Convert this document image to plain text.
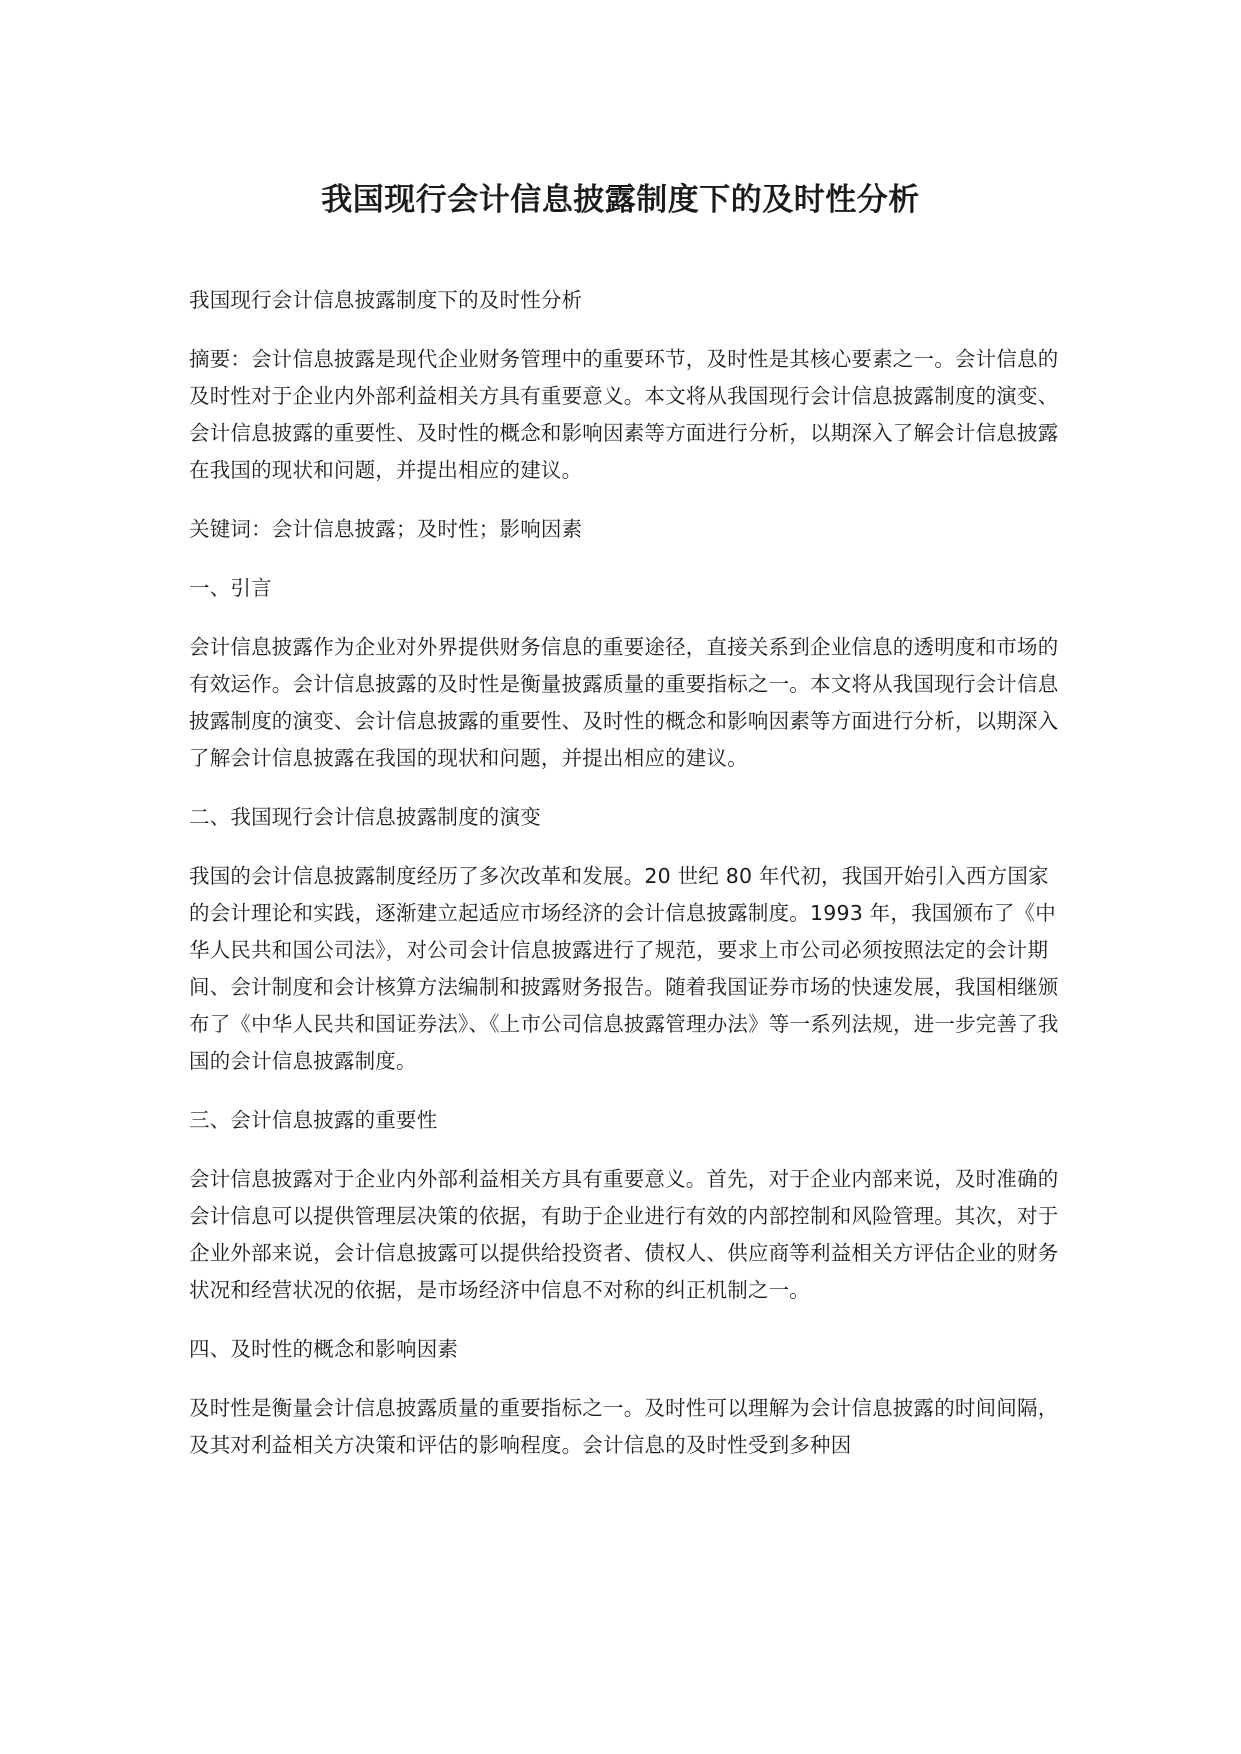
我国现行会计信息披露制度下的及时性分析

我国现行会计信息披露制度下的及时性分析

摘要：会计信息披露是现代企业财务管理中的重要环节，及时性是其核心要素之一。会计信息的及时性对于企业内外部利益相关方具有重要意义。本文将从我国现行会计信息披露制度的演变、会计信息披露的重要性、及时性的概念和影响因素等方面进行分析，以期深入了解会计信息披露在我国的现状和问题，并提出相应的建议。

关键词：会计信息披露；及时性；影响因素

一、引言

会计信息披露作为企业对外界提供财务信息的重要途径，直接关系到企业信息的透明度和市场的有效运作。会计信息披露的及时性是衡量披露质量的重要指标之一。本文将从我国现行会计信息披露制度的演变、会计信息披露的重要性、及时性的概念和影响因素等方面进行分析，以期深入了解会计信息披露在我国的现状和问题，并提出相应的建议。

二、我国现行会计信息披露制度的演变

我国的会计信息披露制度经历了多次改革和发展。20 世纪 80 年代初，我国开始引入西方国家的会计理论和实践，逐渐建立起适应市场经济的会计信息披露制度。1993 年，我国颁布了《中华人民共和国公司法》，对公司会计信息披露进行了规范，要求上市公司必须按照法定的会计期间、会计制度和会计核算方法编制和披露财务报告。随着我国证券市场的快速发展，我国相继颁布了《中华人民共和国证券法》、《上市公司信息披露管理办法》等一系列法规，进一步完善了我国的会计信息披露制度。

三、会计信息披露的重要性

会计信息披露对于企业内外部利益相关方具有重要意义。首先，对于企业内部来说，及时准确的会计信息可以提供管理层决策的依据，有助于企业进行有效的内部控制和风险管理。其次，对于企业外部来说，会计信息披露可以提供给投资者、债权人、供应商等利益相关方评估企业的财务状况和经营状况的依据，是市场经济中信息不对称的纠正机制之一。

四、及时性的概念和影响因素

及时性是衡量会计信息披露质量的重要指标之一。及时性可以理解为会计信息披露的时间间隔，及其对利益相关方决策和评估的影响程度。会计信息的及时性受到多种因
